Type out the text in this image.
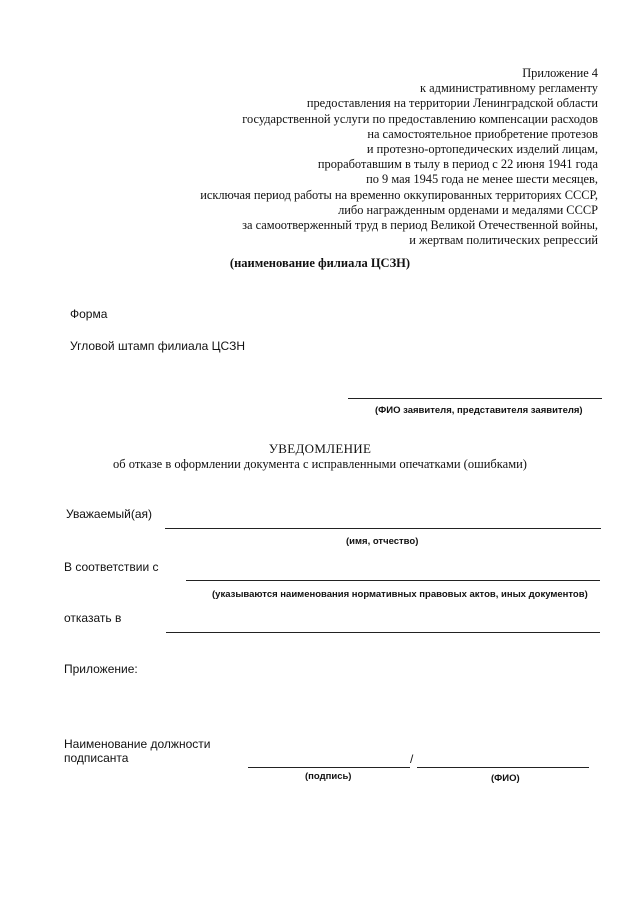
Приложение 4
к административному регламенту
предоставления на территории Ленинградской области
государственной услуги по предоставлению компенсации расходов
на самостоятельное приобретение протезов
и протезно-ортопедических изделий лицам,
проработавшим в тылу в период с 22 июня 1941 года
по 9 мая 1945 года не менее шести месяцев,
исключая период работы на временно оккупированных территориях СССР,
либо награжденным орденами и медалями СССР
за самоотверженный труд в период Великой Отечественной войны,
и жертвам политических репрессий
(наименование филиала ЦСЗН)
Форма
Угловой штамп филиала ЦСЗН
(ФИО заявителя, представителя заявителя)
УВЕДОМЛЕНИЕ
об отказе в оформлении документа с исправленными опечатками (ошибками)
Уважаемый(ая)
(имя, отчество)
В соответствии с
(указываются наименования нормативных правовых актов, иных документов)
отказать в
Приложение:
Наименование должности
подписанта	/
(подпись)	(ФИО)
